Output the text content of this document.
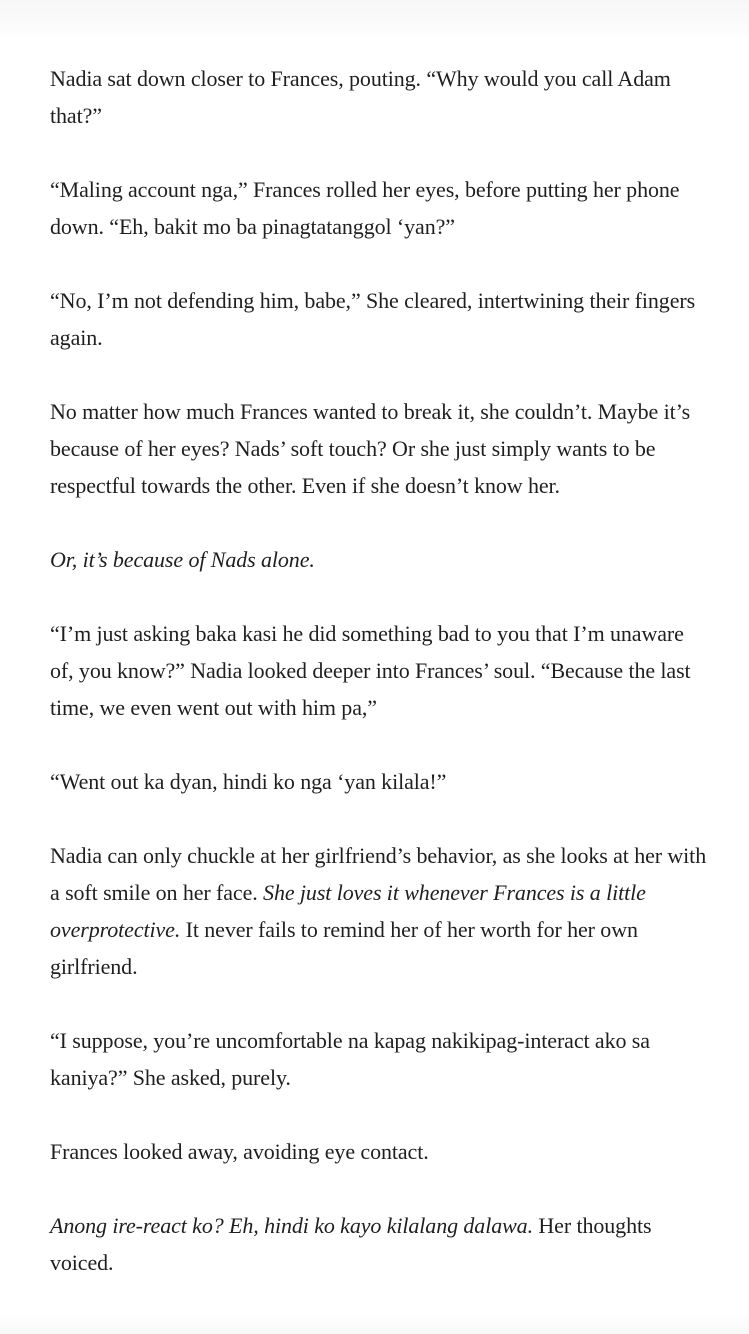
Nadia sat down closer to Frances, pouting. “Why would you call Adam that?”

“Maling account nga,” Frances rolled her eyes, before putting her phone down. “Eh, bakit mo ba pinagtatanggol ‘yan?”

“No, I’m not defending him, babe,” She cleared, intertwining their fingers again.

No matter how much Frances wanted to break it, she couldn’t. Maybe it’s because of her eyes? Nads’ soft touch? Or she just simply wants to be respectful towards the other. Even if she doesn’t know her.

Or, it’s because of Nads alone.

“I’m just asking baka kasi he did something bad to you that I’m unaware of, you know?” Nadia looked deeper into Frances’ soul. “Because the last time, we even went out with him pa,”

“Went out ka dyan, hindi ko nga ‘yan kilala!”

Nadia can only chuckle at her girlfriend’s behavior, as she looks at her with a soft smile on her face. She just loves it whenever Frances is a little overprotective. It never fails to remind her of her worth for her own girlfriend.

“I suppose, you’re uncomfortable na kapag nakikipag-interact ako sa kaniya?” She asked, purely.

Frances looked away, avoiding eye contact.

Anong ire-react ko? Eh, hindi ko kayo kilalang dalawa. Her thoughts voiced.
